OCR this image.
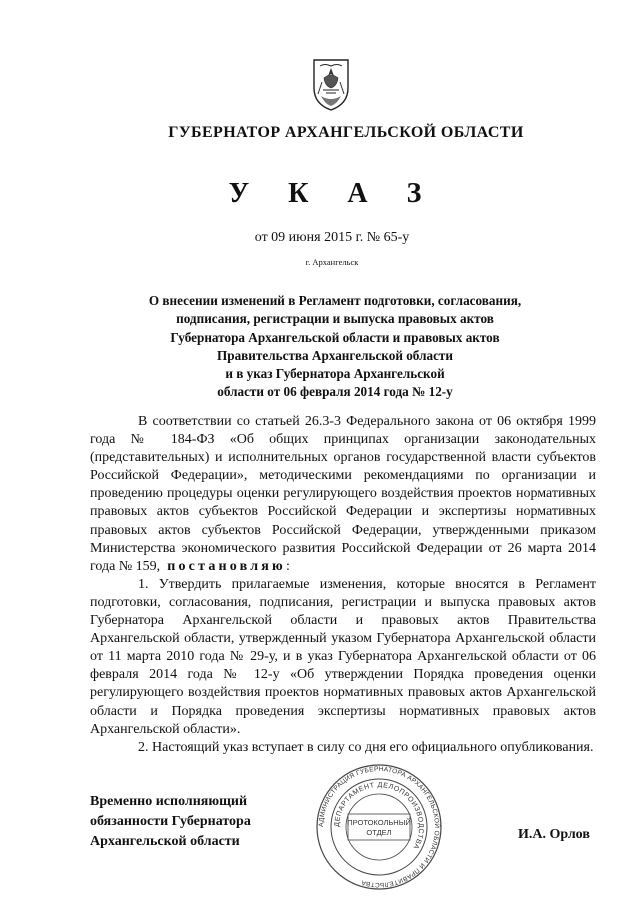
ГУБЕРНАТОР АРХАНГЕЛЬСКОЙ ОБЛАСТИ
У К А З
от 09 июня 2015 г. № 65-у
г. Архангельск
О внесении изменений в Регламент подготовки, согласования,
подписания, регистрации и выпуска правовых актов
Губернатора Архангельской области и правовых актов
Правительства Архангельской области
и в указ Губернатора Архангельской
области от 06 февраля 2014 года № 12-у

В соответствии со статьей 26.3-3 Федерального закона от 06 октября 1999 года № 184-ФЗ «Об общих принципах организации законодательных (представительных) и исполнительных органов государственной власти субъектов Российской Федерации», методическими рекомендациями по организации и проведению процедуры оценки регулирующего воздействия проектов нормативных правовых актов субъектов Российской Федерации и экспертизы нормативных правовых актов субъектов Российской Федерации, утвержденными приказом Министерства экономического развития Российской Федерации от 26 марта 2014 года № 159, постановляю:

1. Утвердить прилагаемые изменения, которые вносятся в Регламент подготовки, согласования, подписания, регистрации и выпуска правовых актов Губернатора Архангельской области и правовых актов Правительства Архангельской области, утвержденный указом Губернатора Архангельской области от 11 марта 2010 года № 29-у, и в указ Губернатора Архангельской области от 06 февраля 2014 года № 12-у «Об утверждении Порядка проведения оценки регулирующего воздействия проектов нормативных правовых актов Архангельской области и Порядка проведения экспертизы нормативных правовых актов Архангельской области».

2. Настоящий указ вступает в силу со дня его официального опубликования.

Временно исполняющий
обязанности Губернатора
Архангельской области	И.А. Орлов
АДМИНИСТРАЦИЯ ГУБЕРНАТОРА АРХАНГЕЛЬСКОЙ ОБЛАСТИ И ПРАВИТЕЛЬСТВА
ДЕПАРТАМЕНТ ДЕЛОПРОИЗВОДСТВА
ПРОТОКОЛЬНЫЙ
ОТДЕЛ
